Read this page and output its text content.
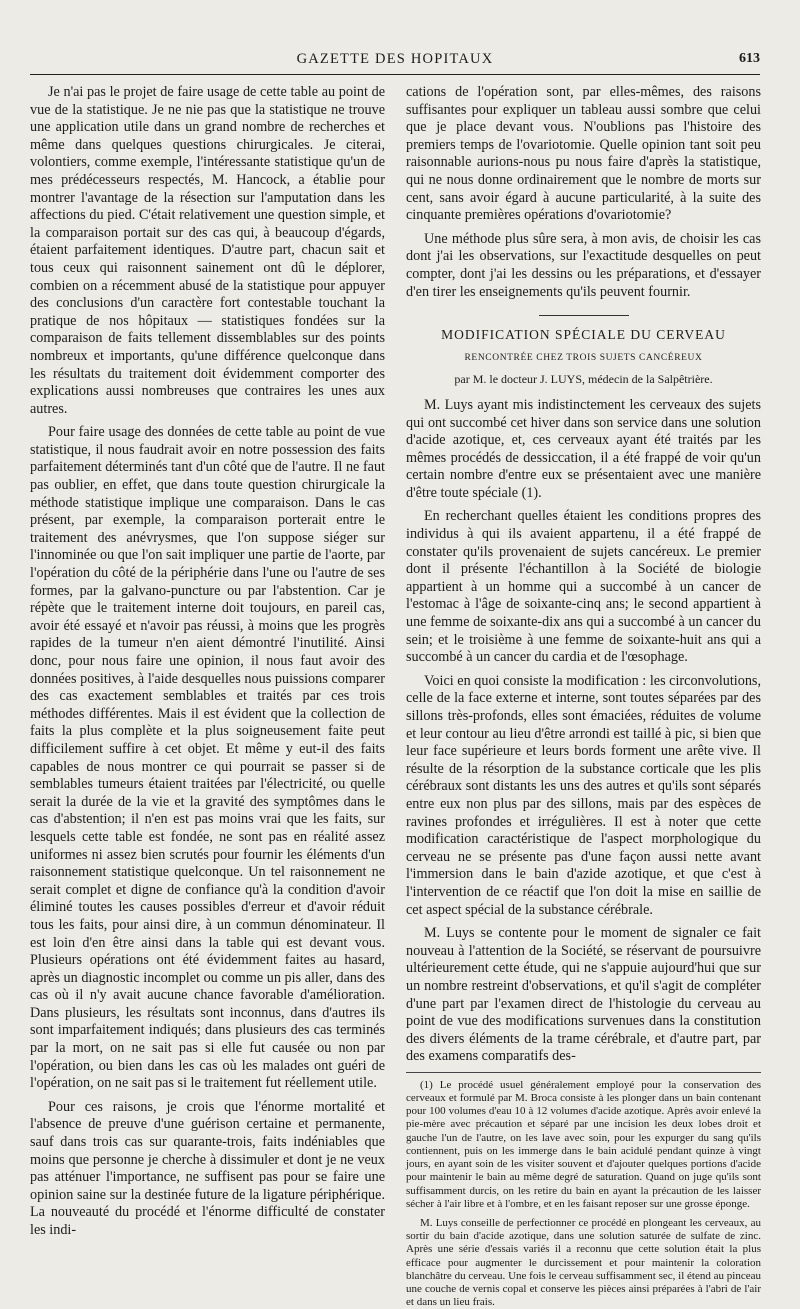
GAZETTE DES HOPITAUX	613

Je n'ai pas le projet de faire usage de cette table au point de vue de la statistique. Je ne nie pas que la statistique ne trouve une application utile dans un grand nombre de recherches et même dans quelques questions chirurgicales. Je citerai, volontiers, comme exemple, l'intéressante statistique qu'un de mes prédécesseurs respectés, M. Hancock, a établie pour montrer l'avantage de la résection sur l'amputation dans les affections du pied. C'était relativement une question simple, et la comparaison portait sur des cas qui, à beaucoup d'égards, étaient parfaitement identiques. D'autre part, chacun sait et tous ceux qui raisonnent sainement ont dû le déplorer, combien on a récemment abusé de la statistique pour appuyer des conclusions d'un caractère fort contestable touchant la pratique de nos hôpitaux — statistiques fondées sur la comparaison de faits tellement dissemblables sur des points nombreux et importants, qu'une différence quelconque dans les résultats du traitement doit évidemment comporter des explications aussi nombreuses que contraires les unes aux autres.

Pour faire usage des données de cette table au point de vue statistique, il nous faudrait avoir en notre possession des faits parfaitement déterminés tant d'un côté que de l'autre. Il ne faut pas oublier, en effet, que dans toute question chirurgicale la méthode statistique implique une comparaison. Dans le cas présent, par exemple, la comparaison porterait entre le traitement des anévrysmes, que l'on suppose siéger sur l'innominée ou que l'on sait impliquer une partie de l'aorte, par l'opération du côté de la périphérie dans l'une ou l'autre de ses formes, par la galvano-puncture ou par l'abstention. Car je répète que le traitement interne doit toujours, en pareil cas, avoir été essayé et n'avoir pas réussi, à moins que les progrès rapides de la tumeur n'en aient démontré l'inutilité. Ainsi donc, pour nous faire une opinion, il nous faut avoir des données positives, à l'aide desquelles nous puissions comparer des cas exactement semblables et traités par ces trois méthodes différentes. Mais il est évident que la collection de faits la plus complète et la plus soigneusement faite peut difficilement suffire à cet objet. Et même y eut-il des faits capables de nous montrer ce qui pourrait se passer si de semblables tumeurs étaient traitées par l'électricité, ou quelle serait la durée de la vie et la gravité des symptômes dans le cas d'abstention; il n'en est pas moins vrai que les faits, sur lesquels cette table est fondée, ne sont pas en réalité assez uniformes ni assez bien scrutés pour fournir les éléments d'un raisonnement statistique quelconque. Un tel raisonnement ne serait complet et digne de confiance qu'à la condition d'avoir éliminé toutes les causes possibles d'erreur et d'avoir réduit tous les faits, pour ainsi dire, à un commun dénominateur. Il est loin d'en être ainsi dans la table qui est devant vous. Plusieurs opérations ont été évidemment faites au hasard, après un diagnostic incomplet ou comme un pis aller, dans des cas où il n'y avait aucune chance favorable d'amélioration. Dans plusieurs, les résultats sont inconnus, dans d'autres ils sont imparfaitement indiqués; dans plusieurs des cas terminés par la mort, on ne sait pas si elle fut causée ou non par l'opération, ou bien dans les cas où les malades ont guéri de l'opération, on ne sait pas si le traitement fut réellement utile.

Pour ces raisons, je crois que l'énorme mortalité et l'absence de preuve d'une guérison certaine et permanente, sauf dans trois cas sur quarante-trois, faits indéniables que moins que personne je cherche à dissimuler et dont je ne veux pas atténuer l'importance, ne suffisent pas pour se faire une opinion saine sur la destinée future de la ligature périphérique. La nouveauté du procédé et l'énorme difficulté de constater les indi-

cations de l'opération sont, par elles-mêmes, des raisons suffisantes pour expliquer un tableau aussi sombre que celui que je place devant vous. N'oublions pas l'histoire des premiers temps de l'ovariotomie. Quelle opinion tant soit peu raisonnable aurions-nous pu nous faire d'après la statistique, qui ne nous donne ordinairement que le nombre de morts sur cent, sans avoir égard à aucune particularité, à la suite des cinquante premières opérations d'ovariotomie?

Une méthode plus sûre sera, à mon avis, de choisir les cas dont j'ai les observations, sur l'exactitude desquelles on peut compter, dont j'ai les dessins ou les préparations, et d'essayer d'en tirer les enseignements qu'ils peuvent fournir.

MODIFICATION SPÉCIALE DU CERVEAU
RENCONTRÉE CHEZ TROIS SUJETS CANCÉREUX
par M. le docteur J. LUYS, médecin de la Salpêtrière.

M. Luys ayant mis indistinctement les cerveaux des sujets qui ont succombé cet hiver dans son service dans une solution d'acide azotique, et, ces cerveaux ayant été traités par les mêmes procédés de dessiccation, il a été frappé de voir qu'un certain nombre d'entre eux se présentaient avec une manière d'être toute spéciale (1).

En recherchant quelles étaient les conditions propres des individus à qui ils avaient appartenu, il a été frappé de constater qu'ils provenaient de sujets cancéreux. Le premier dont il présente l'échantillon à la Société de biologie appartient à un homme qui a succombé à un cancer de l'estomac à l'âge de soixante-cinq ans; le second appartient à une femme de soixante-dix ans qui a succombé à un cancer du sein; et le troisième à une femme de soixante-huit ans qui a succombé à un cancer du cardia et de l'œsophage.

Voici en quoi consiste la modification : les circonvolutions, celle de la face externe et interne, sont toutes séparées par des sillons très-profonds, elles sont émaciées, réduites de volume et leur contour au lieu d'être arrondi est taillé à pic, si bien que leur face supérieure et leurs bords forment une arête vive. Il résulte de la résorption de la substance corticale que les plis cérébraux sont distants les uns des autres et qu'ils sont séparés entre eux non plus par des sillons, mais par des espèces de ravines profondes et irrégulières. Il est à noter que cette modification caractéristique de l'aspect morphologique du cerveau ne se présente pas d'une façon aussi nette avant l'immersion dans le bain d'azide azotique, et que c'est à l'intervention de ce réactif que l'on doit la mise en saillie de cet aspect spécial de la substance cérébrale.

M. Luys se contente pour le moment de signaler ce fait nouveau à l'attention de la Société, se réservant de poursuivre ultérieurement cette étude, qui ne s'appuie aujourd'hui que sur un nombre restreint d'observations, et qu'il s'agit de compléter d'une part par l'examen direct de l'histologie du cerveau au point de vue des modifications survenues dans la constitution des divers éléments de la trame cérébrale, et d'autre part, par des examens comparatifs des-

(1) Le procédé usuel généralement employé pour la conservation des cerveaux et formulé par M. Broca consiste à les plonger dans un bain contenant pour 100 volumes d'eau 10 à 12 volumes d'acide azotique. Après avoir enlevé la pie-mère avec précaution et séparé par une incision les deux lobes droit et gauche l'un de l'autre, on les lave avec soin, pour les expurger du sang qu'ils contiennent, puis on les immerge dans le bain acidulé pendant quinze à vingt jours, en ayant soin de les visiter souvent et d'ajouter quelques portions d'acide pour maintenir le bain au même degré de saturation. Quand on juge qu'ils sont suffisamment durcis, on les retire du bain en ayant la précaution de les laisser sécher à l'air libre et à l'ombre, et en les faisant reposer sur une grosse éponge.

M. Luys conseille de perfectionner ce procédé en plongeant les cerveaux, au sortir du bain d'acide azotique, dans une solution saturée de sulfate de zinc. Après une série d'essais variés il a reconnu que cette solution était la plus efficace pour augmenter le durcissement et pour maintenir la coloration blanchâtre du cerveau. Une fois le cerveau suffisamment sec, il étend au pinceau une couche de vernis copal et conserve les pièces ainsi préparées à l'abri de l'air et dans un lieu frais.
